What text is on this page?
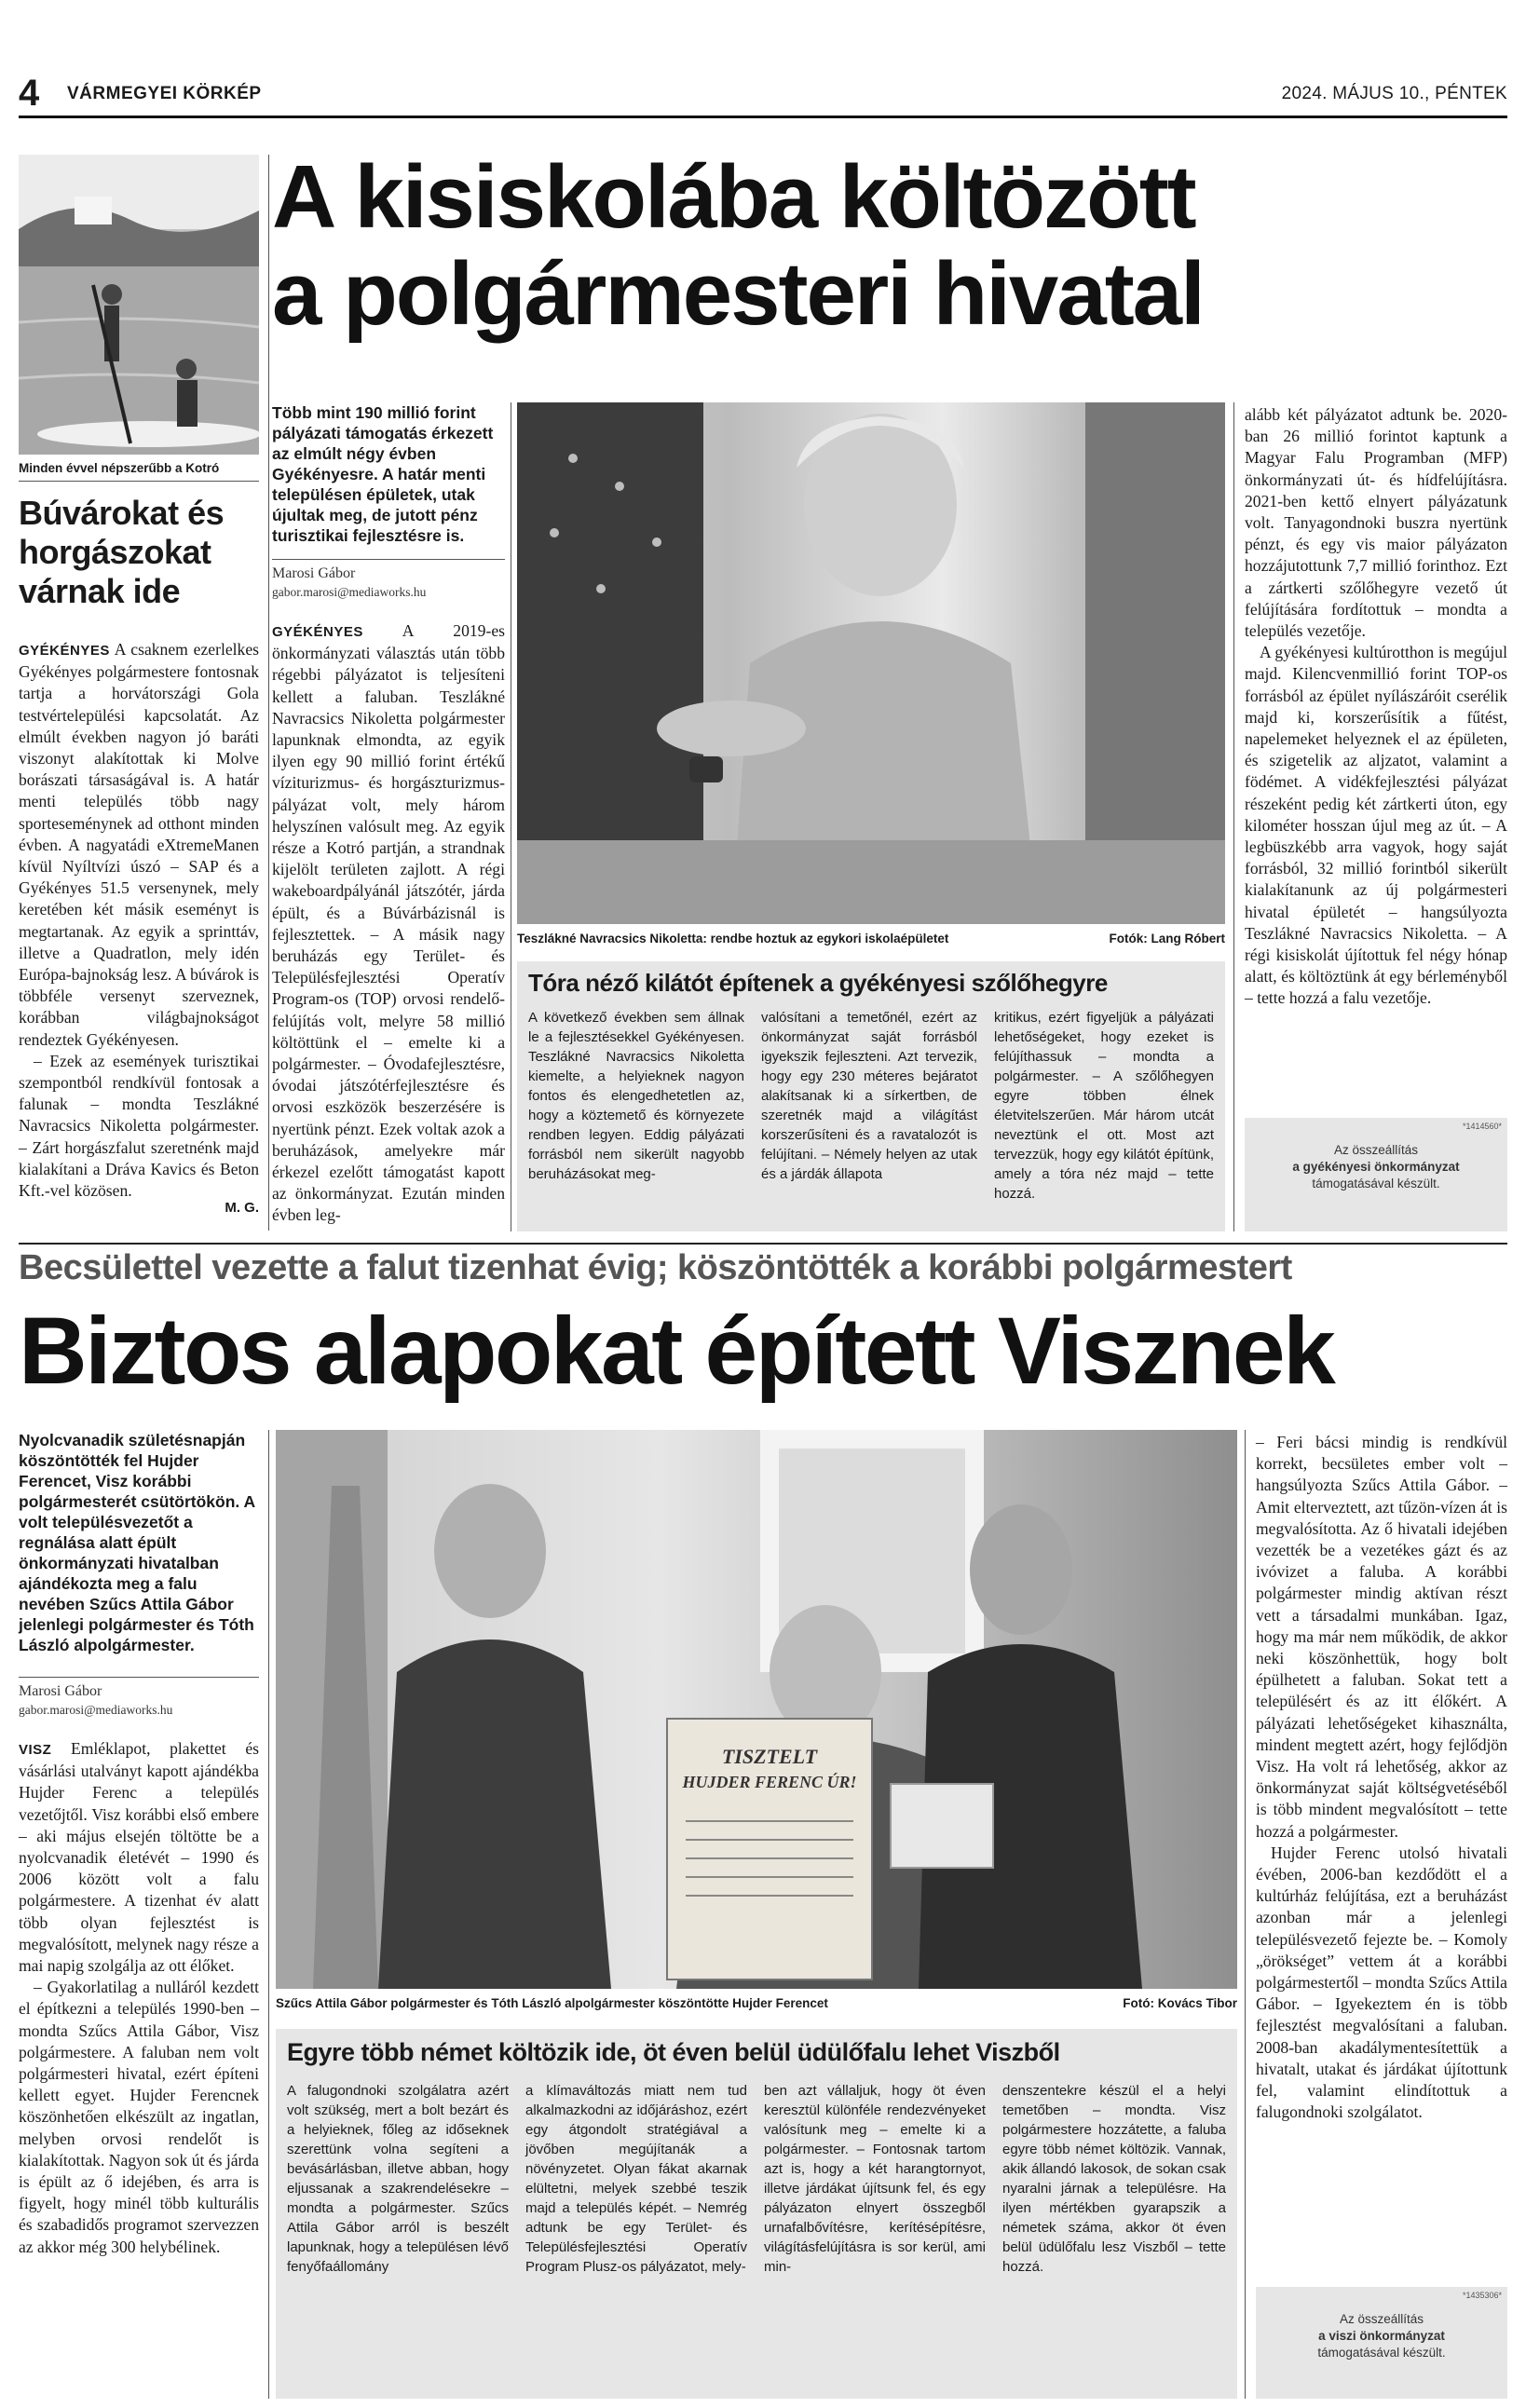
4 VÁRMEGYEI KÖRKÉP	2024. MÁJUS 10., PÉNTEK
Minden évvel népszerűbb a Kotró
Búvárokat és horgászokat várnak ide

GYÉKÉNYES A csaknem ezerlelkes Gyékényes polgármestere fontosnak tartja a horvátországi Gola testvértelepülési kapcsolatát. Az elmúlt években nagyon jó baráti viszonyt alakítottak ki Molve borászati társaságával is. A határ menti település több nagy sporteseménynek ad otthont minden évben. A nagyatádi eXtremeManen kívül Nyíltvízi úszó – SAP és a Gyékényes 51.5 versenynek, mely keretében két másik eseményt is megtartanak. Az egyik a sprinttáv, illetve a Quadratlon, mely idén Európa-bajnokság lesz. A búvárok is többféle versenyt szerveznek, korábban világbajnokságot rendeztek Gyékényesen.

– Ezek az események turisztikai szempontból rendkívül fontosak a falunak – mondta Teszlákné Navracsics Nikoletta polgármester. – Zárt horgászfalut szeretnénk majd kialakítani a Dráva Kavics és Beton Kft.-vel közösen.

M. G.
A kisiskolába költözött
a polgármesteri hivatal
Teszlákné Navracsics Nikoletta: rendbe hoztuk az egykori iskolaépületet	Fotók: Lang Róbert
Több mint 190 millió forint pályázati támogatás érkezett az elmúlt négy évben Gyékényesre. A határ menti településen épületek, utak újultak meg, de jutott pénz turisztikai fejlesztésre is.
Marosi Gábor
gabor.marosi@mediaworks.hu

GYÉKÉNYES A 2019-es önkormányzati választás után több régebbi pályázatot is teljesíteni kellett a faluban. Teszlákné Navracsics Nikoletta polgármester lapunknak elmondta, az egyik ilyen egy 90 millió forint értékű víziturizmus- és horgászturizmus-pályázat volt, mely három helyszínen valósult meg. Az egyik része a Kotró partján, a strandnak kijelölt területen zajlott. A régi wakeboardpályánál játszótér, járda épült, és a Búvárbázisnál is fejlesztettek. – A másik nagy beruházás egy Terület- és Településfejlesztési Operatív Program-os (TOP) orvosi rendelő-felújítás volt, melyre 58 millió költöttünk el – emelte ki a polgármester. – Óvodafejlesztésre, óvodai játszótérfejlesztésre és orvosi eszközök beszerzésére is nyertünk pénzt. Ezek voltak azok a beruházások, amelyekre már érkezel ezelőtt támogatást kapott az önkormányzat. Ezután minden évben leg-

Tóra néző kilátót építenek a gyékényesi szőlőhegyre
A következő években sem állnak le a fejlesztésekkel Gyékényesen. Teszlákné Navracsics Nikoletta kiemelte, a helyieknek nagyon fontos és elengedhetetlen az, hogy a köztemető és környezete rendben legyen. Eddig pályázati forrásból nem sikerült nagyobb beruházásokat meg-
valósítani a temetőnél, ezért az önkormányzat saját forrásból igyekszik fejleszteni. Azt tervezik, hogy egy 230 méteres bejáratot alakítsanak ki a sírkertben, de szeretnék majd a világítást korszerűsíteni és a ravatalozót is felújítani. – Némely helyen az utak és a járdák állapota
kritikus, ezért figyeljük a pályázati lehetőségeket, hogy ezeket is felújíthassuk – mondta a polgármester. – A szőlőhegyen egyre többen élnek életvitelszerűen. Már három utcát neveztünk el ott. Most azt tervezzük, hogy egy kilátót építünk, amely a tóra néz majd – tette hozzá.

alább két pályázatot adtunk be. 2020-ban 26 millió forintot kaptunk a Magyar Falu Programban (MFP) önkormányzati út- és hídfelújításra. 2021-ben kettő elnyert pályázatunk volt. Tanyagondnoki buszra nyertünk pénzt, és egy vis maior pályázaton hozzájutottunk 7,7 millió forinthoz. Ezt a zártkerti szőlőhegyre vezető út felújítására fordítottuk – mondta a település vezetője.

A gyékényesi kultúrotthon is megújul majd. Kilencvenmillió forint TOP-os forrásból az épület nyílászáróit cserélik majd ki, korszerűsítik a fűtést, napelemeket helyeznek el az épületen, és szigetelik az aljzatot, valamint a födémet. A vidékfejlesztési pályázat részeként pedig két zártkerti úton, egy kilométer hosszan újul meg az út. – A legbüszkébb arra vagyok, hogy saját forrásból, 32 millió forintból sikerült kialakítanunk az új polgármesteri hivatal épületét – hangsúlyozta Teszlákné Navracsics Nikoletta. – A régi kisiskolát újítottuk fel négy hónap alatt, és költöztünk át egy bérleményből – tette hozzá a falu vezetője.

*1414560*
Az összeállítás
a gyékényesi önkormányzat
támogatásával készült.
Becsülettel vezette a falut tizenhat évig; köszöntötték a korábbi polgármestert
Biztos alapokat épített Visznek
Nyolcvanadik születésnapján köszöntötték fel Hujder Ferencet, Visz korábbi polgármesterét csütörtökön. A volt településvezetőt a regnálása alatt épült önkormányzati hivatalban ajándékozta meg a falu nevében Szűcs Attila Gábor jelenlegi polgármester és Tóth László alpolgármester.
Marosi Gábor
gabor.marosi@mediaworks.hu

VISZ Emléklapot, plakettet és vásárlási utalványt kapott ajándékba Hujder Ferenc a település vezetőjtől. Visz korábbi első embere – aki május elsején töltötte be a nyolcvanadik életévét – 1990 és 2006 között volt a falu polgármestere. A tizenhat év alatt több olyan fejlesztést is megvalósított, melynek nagy része a mai napig szolgálja az ott élőket.

– Gyakorlatilag a nulláról kezdett el építkezni a település 1990-ben – mondta Szűcs Attila Gábor, Visz polgármestere. A faluban nem volt polgármesteri hivatal, ezért építeni kellett egyet. Hujder Ferencnek köszönhetően elkészült az ingatlan, melyben orvosi rendelőt is kialakítottak. Nagyon sok út és járda is épült az ő idejében, és arra is figyelt, hogy minél több kulturális és szabadidős programot szervezzen az akkor még 300 helybélinek.

TISZTELT
HUJDER FERENC ÚR!
Szűcs Attila Gábor polgármester és Tóth László alpolgármester köszöntötte Hujder Ferencet	Fotó: Kovács Tibor
Egyre több német költözik ide, öt éven belül üdülőfalu lehet Viszből
A falugondnoki szolgálatra azért volt szükség, mert a bolt bezárt és a helyieknek, főleg az időseknek szerettünk volna segíteni a bevásárlásban, illetve abban, hogy eljussanak a szakrendelésekre – mondta a polgármester. Szűcs Attila Gábor arról is beszélt lapunknak, hogy a településen lévő fenyőfaállomány
a klímaváltozás miatt nem tud alkalmazkodni az időjáráshoz, ezért egy átgondolt stratégiával a jövőben megújítanák a növényzetet. Olyan fákat akarnak elültetni, melyek szebbé teszik majd a település képét. – Nemrég adtunk be egy Terület- és Településfejlesztési Operatív Program Plusz-os pályázatot, mely-
ben azt vállaljuk, hogy öt éven keresztül különféle rendezvényeket valósítunk meg – emelte ki a polgármester. – Fontosnak tartom azt is, hogy a két harangtornyot, illetve járdákat újítsunk fel, és egy pályázaton elnyert összegből urnafalbővítésre, kerítésépítésre, világításfelújításra is sor kerül, ami min-
denszentekre készül el a helyi temetőben – mondta. Visz polgármestere hozzátette, a faluba egyre több német költözik. Vannak, akik állandó lakosok, de sokan csak nyaralni járnak a településre. Ha ilyen mértékben gyarapszik a németek száma, akkor öt éven belül üdülőfalu lesz Viszből – tette hozzá.

– Feri bácsi mindig is rendkívül korrekt, becsületes ember volt – hangsúlyozta Szűcs Attila Gábor. – Amit elterveztett, azt tűzön-vízen át is megvalósította. Az ő hivatali idejében vezették be a vezetékes gázt és az ivóvizet a faluba. A korábbi polgármester mindig aktívan részt vett a társadalmi munkában. Igaz, hogy ma már nem működik, de akkor neki köszönhettük, hogy bolt épülhetett a faluban. Sokat tett a településért és az itt élőkért. A pályázati lehetőségeket kihasználta, mindent megtett azért, hogy fejlődjön Visz. Ha volt rá lehetőség, akkor az önkormányzat saját költségvetéséből is több mindent megvalósított – tette hozzá a polgármester.

Hujder Ferenc utolsó hivatali évében, 2006-ban kezdődött el a kultúrház felújítása, ezt a beruházást azonban már a jelenlegi településvezető fejezte be. – Komoly „örökséget” vettem át a korábbi polgármestertől – mondta Szűcs Attila Gábor. – Igyekeztem én is több fejlesztést megvalósítani a faluban. 2008-ban akadálymentesítettük a hivatalt, utakat és járdákat újítottunk fel, valamint elindítottuk a falugondnoki szolgálatot.

*1435306*
Az összeállítás
a viszi önkormányzat
támogatásával készült.
